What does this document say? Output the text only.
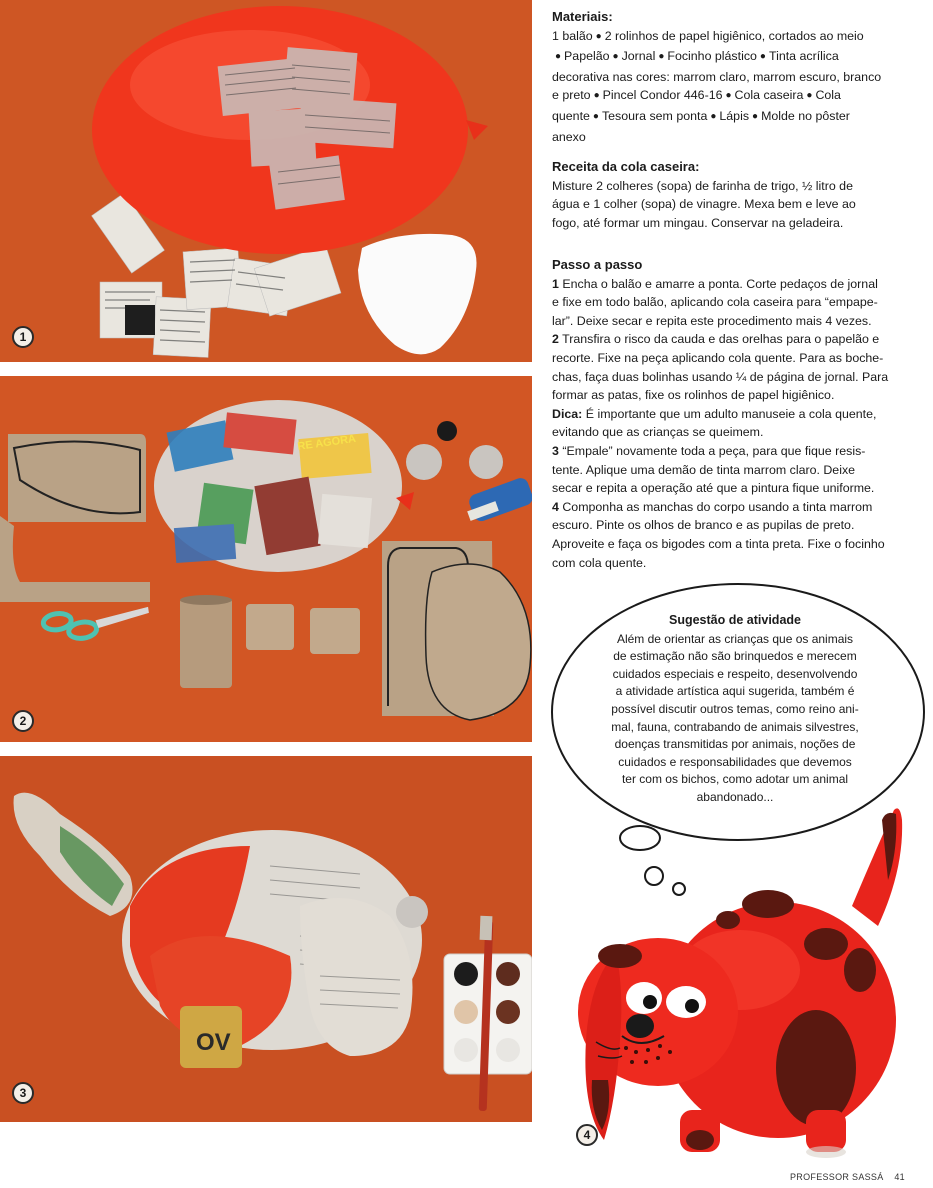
1
RE AGORA
2
OV
3

Materiais:

1 balão ● 2 rolinhos de papel higiênico, cortados ao meio

● Papelão ● Jornal ● Focinho plástico ● Tinta acrílica

decorativa nas cores: marrom claro, marrom escuro, branco

e preto ● Pincel Condor 446-16 ● Cola caseira ● Cola

quente ● Tesoura sem ponta ● Lápis ● Molde no pôster

anexo

Receita da cola caseira:

Misture 2 colheres (sopa) de farinha de trigo, ½ litro de

água e 1 colher (sopa) de vinagre. Mexa bem e leve ao

fogo, até formar um mingau. Conservar na geladeira.

Passo a passo

1 Encha o balão e amarre a ponta. Corte pedaços de jornal

e fixe em todo balão, aplicando cola caseira para “empape-

lar”. Deixe secar e repita este procedimento mais 4 vezes.

2 Transfira o risco da cauda e das orelhas para o papelão e

recorte. Fixe na peça aplicando cola quente. Para as boche-

chas, faça duas bolinhas usando ¼ de página de jornal. Para

formar as patas, fixe os rolinhos de papel higiênico.

Dica: É importante que um adulto manuseie a cola quente,

evitando que as crianças se queimem.

3 “Empale” novamente toda a peça, para que fique resis-

tente. Aplique uma demão de tinta marrom claro. Deixe

secar e repita a operação até que a pintura fique uniforme.

4 Componha as manchas do corpo usando a tinta marrom

escuro. Pinte os olhos de branco e as pupilas de preto.

Aproveite e faça os bigodes com a tinta preta. Fixe o focinho

com cola quente.

Sugestão de atividade
Além de orientar as crianças que os animais
de estimação não são brinquedos e merecem
cuidados especiais e respeito, desenvolvendo
a atividade artística aqui sugerida, também é
possível discutir outros temas, como reino ani-
mal, fauna, contrabando de animais silvestres,
doenças transmitidas por animais, noções de
cuidados e responsabilidades que devemos
ter com os bichos, como adotar um animal
abandonado...
4
PROFESSOR SASSÁ 41
